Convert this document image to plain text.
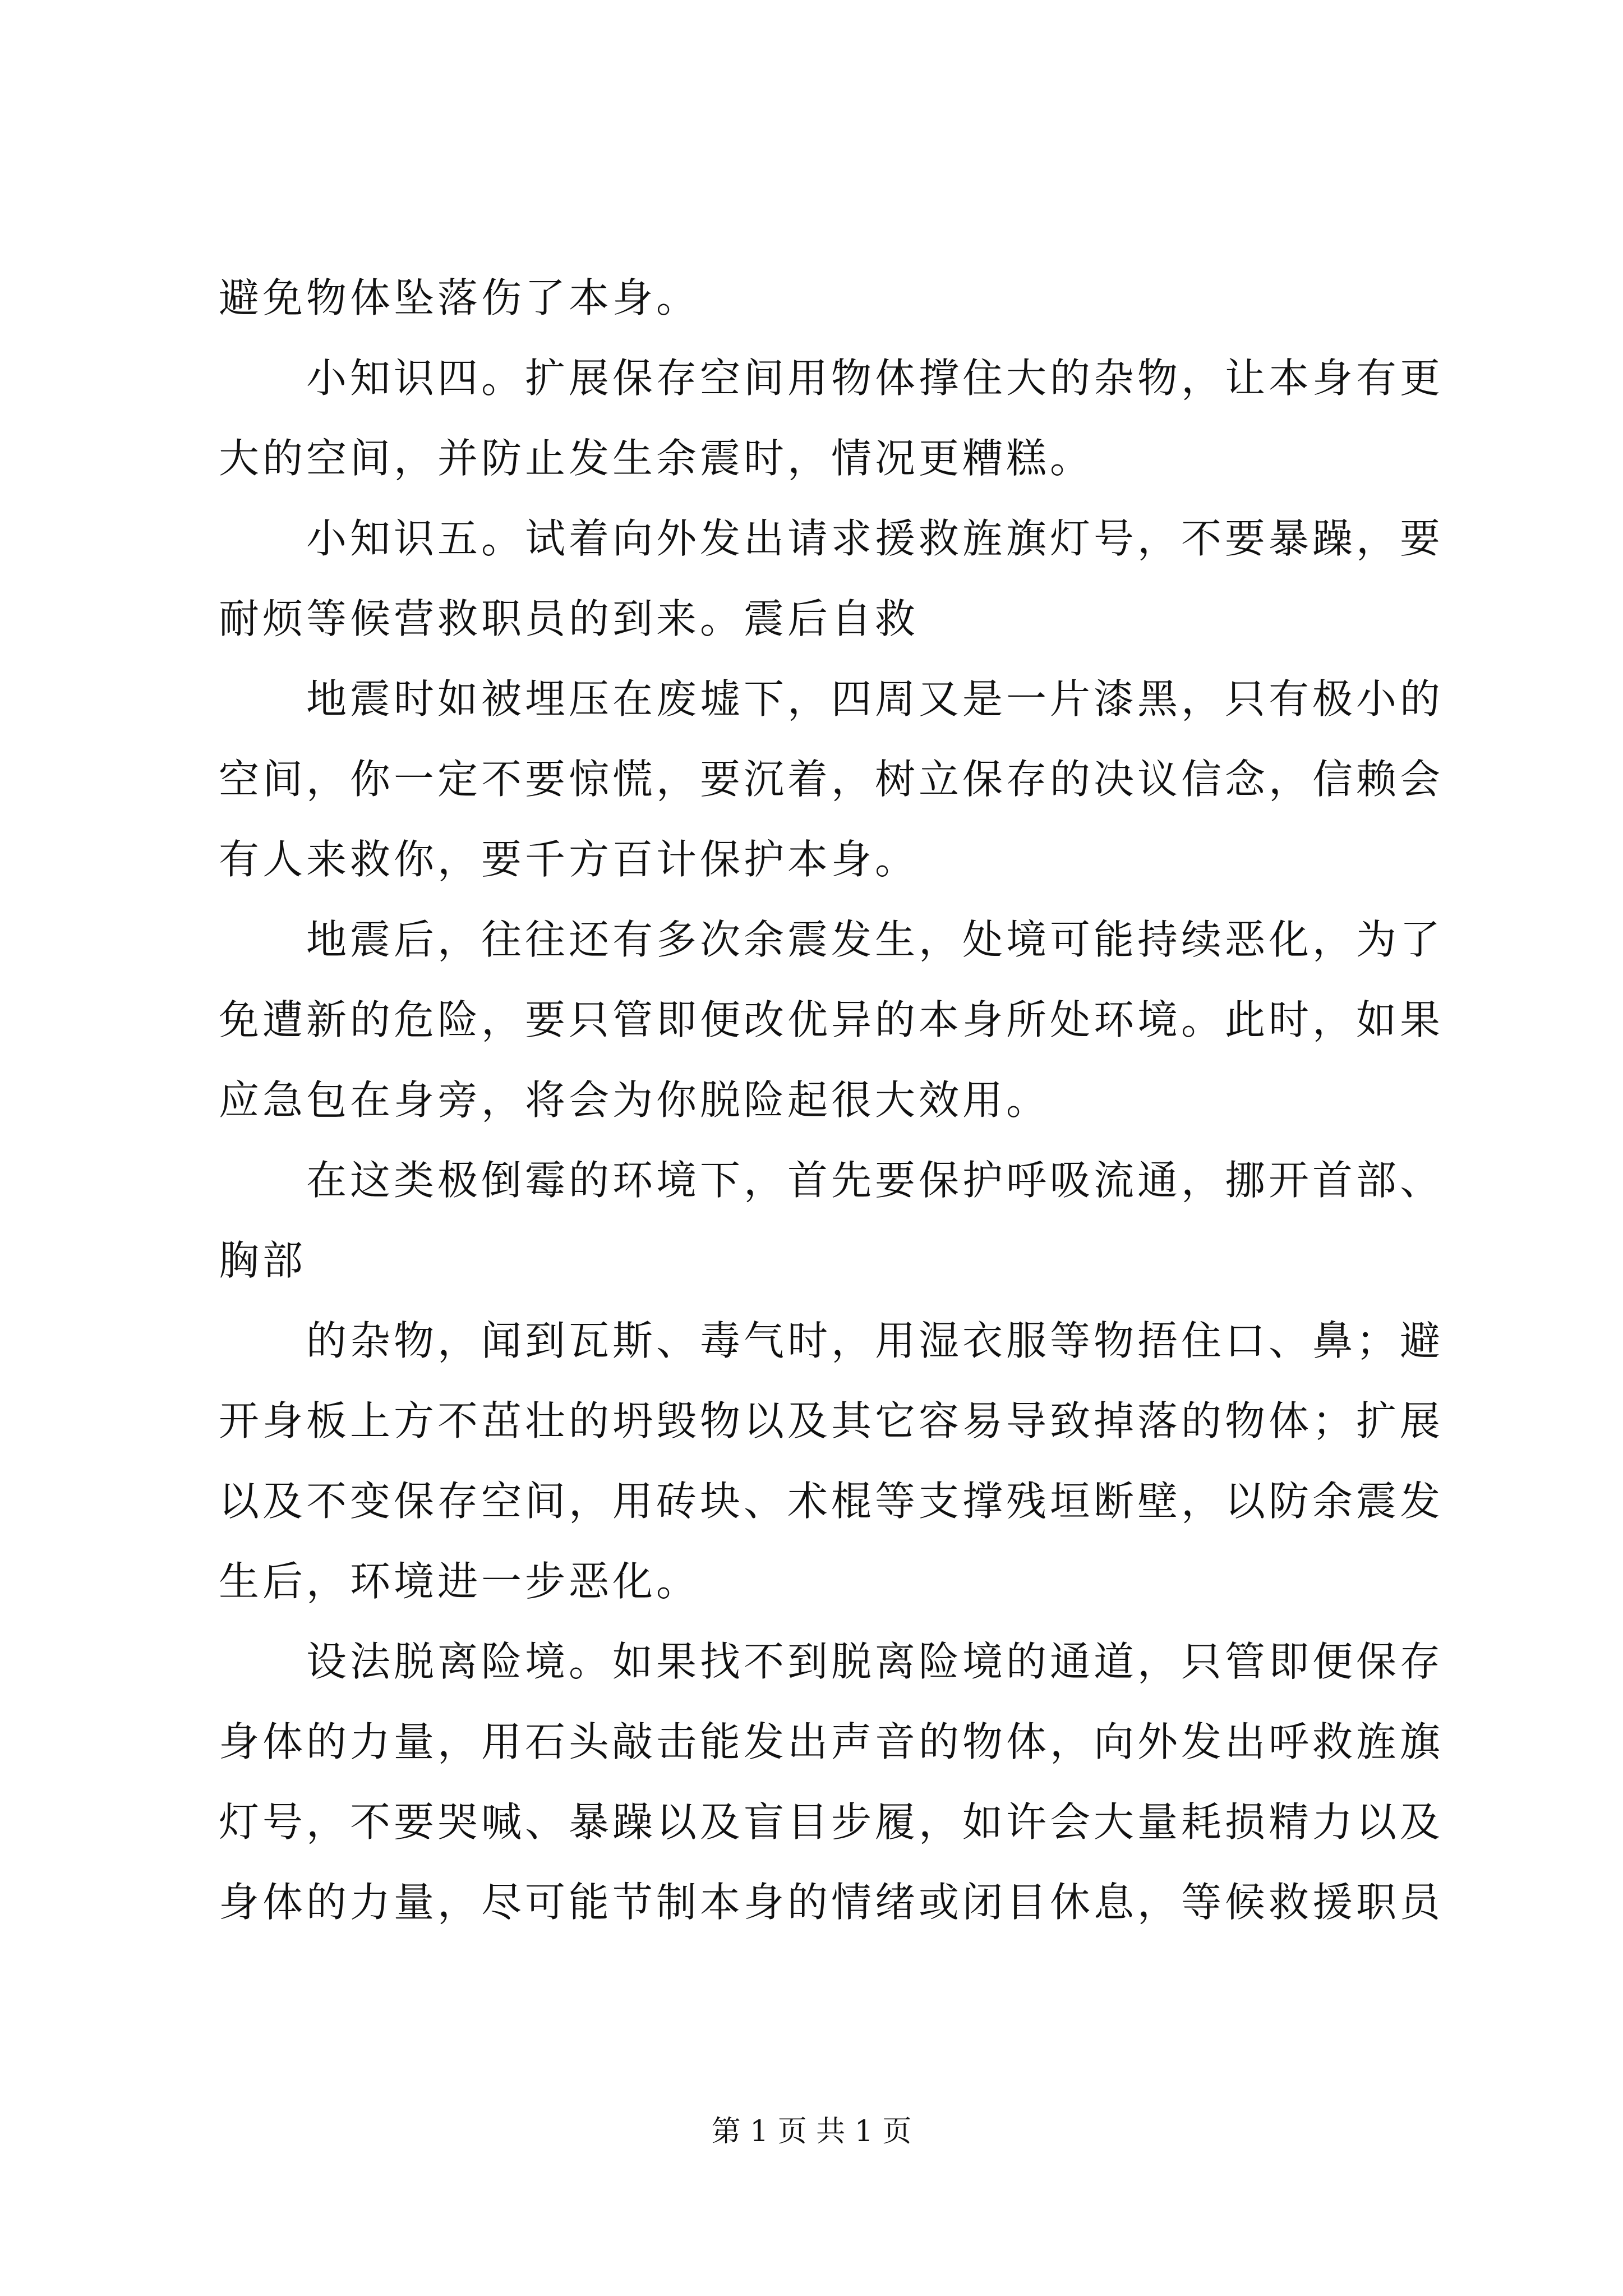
避免物体坠落伤了本身。

　　小知识四。扩展保存空间用物体撑住大的杂物，让本身有更

大的空间，并防止发生余震时，情况更糟糕。

　　小知识五。试着向外发出请求援救旌旗灯号，不要暴躁，要

耐烦等候营救职员的到来。震后自救

　　地震时如被埋压在废墟下，四周又是一片漆黑，只有极小的

空间，你一定不要惊慌，要沉着，树立保存的决议信念，信赖会

有人来救你，要千方百计保护本身。

　　地震后，往往还有多次余震发生，处境可能持续恶化，为了

免遭新的危险，要只管即便改优异的本身所处环境。此时，如果

应急包在身旁，将会为你脱险起很大效用。

　　在这类极倒霉的环境下，首先要保护呼吸流通，挪开首部、

胸部

　　的杂物，闻到瓦斯、毒气时，用湿衣服等物捂住口、鼻；避

开身板上方不茁壮的坍毁物以及其它容易导致掉落的物体；扩展

以及不变保存空间，用砖块、术棍等支撑残垣断壁，以防余震发

生后，环境进一步恶化。

　　设法脱离险境。如果找不到脱离险境的通道，只管即便保存

身体的力量，用石头敲击能发出声音的物体，向外发出呼救旌旗

灯号，不要哭喊、暴躁以及盲目步履，如许会大量耗损精力以及

身体的力量，尽可能节制本身的情绪或闭目休息，等候救援职员

第 1 页 共 1 页
